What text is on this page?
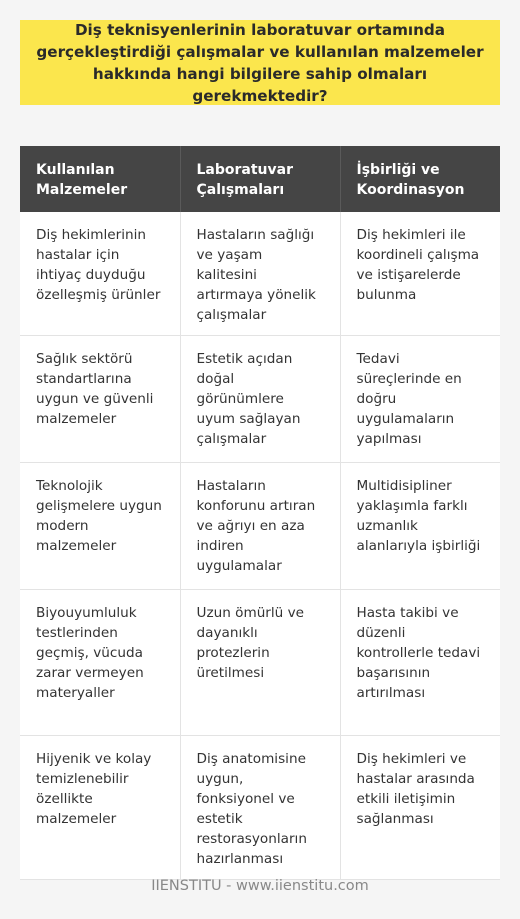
Diş teknisyenlerinin laboratuvar ortamında gerçekleştirdiği çalışmalar ve kullanılan malzemeler hakkında hangi bilgilere sahip olmaları gerekmektedir?
Kullanılan Malzemeler	Laboratuvar Çalışmaları	İşbirliği ve Koordinasyon
Diş hekimlerinin hastalar için ihtiyaç duyduğu özelleşmiş ürünler	Hastaların sağlığı ve yaşam kalitesini artırmaya yönelik çalışmalar	Diş hekimleri ile koordineli çalışma ve istişarelerde bulunma
Sağlık sektörü standartlarına uygun ve güvenli malzemeler	Estetik açıdan doğal görünümlere uyum sağlayan çalışmalar	Tedavi süreçlerinde en doğru uygulamaların yapılması
Teknolojik gelişmelere uygun modern malzemeler	Hastaların konforunu artıran ve ağrıyı en aza indiren uygulamalar	Multidisipliner yaklaşımla farklı uzmanlık alanlarıyla işbirliği
Biyouyumluluk testlerinden geçmiş, vücuda zarar vermeyen materyaller	Uzun ömürlü ve dayanıklı protezlerin üretilmesi	Hasta takibi ve düzenli kontrollerle tedavi başarısının artırılması
Hijyenik ve kolay temizlenebilir özellikte malzemeler	Diş anatomisine uygun, fonksiyonel ve estetik restorasyonların hazırlanması	Diş hekimleri ve hastalar arasında etkili iletişimin sağlanması
IIENSTITU - www.iienstitu.com
